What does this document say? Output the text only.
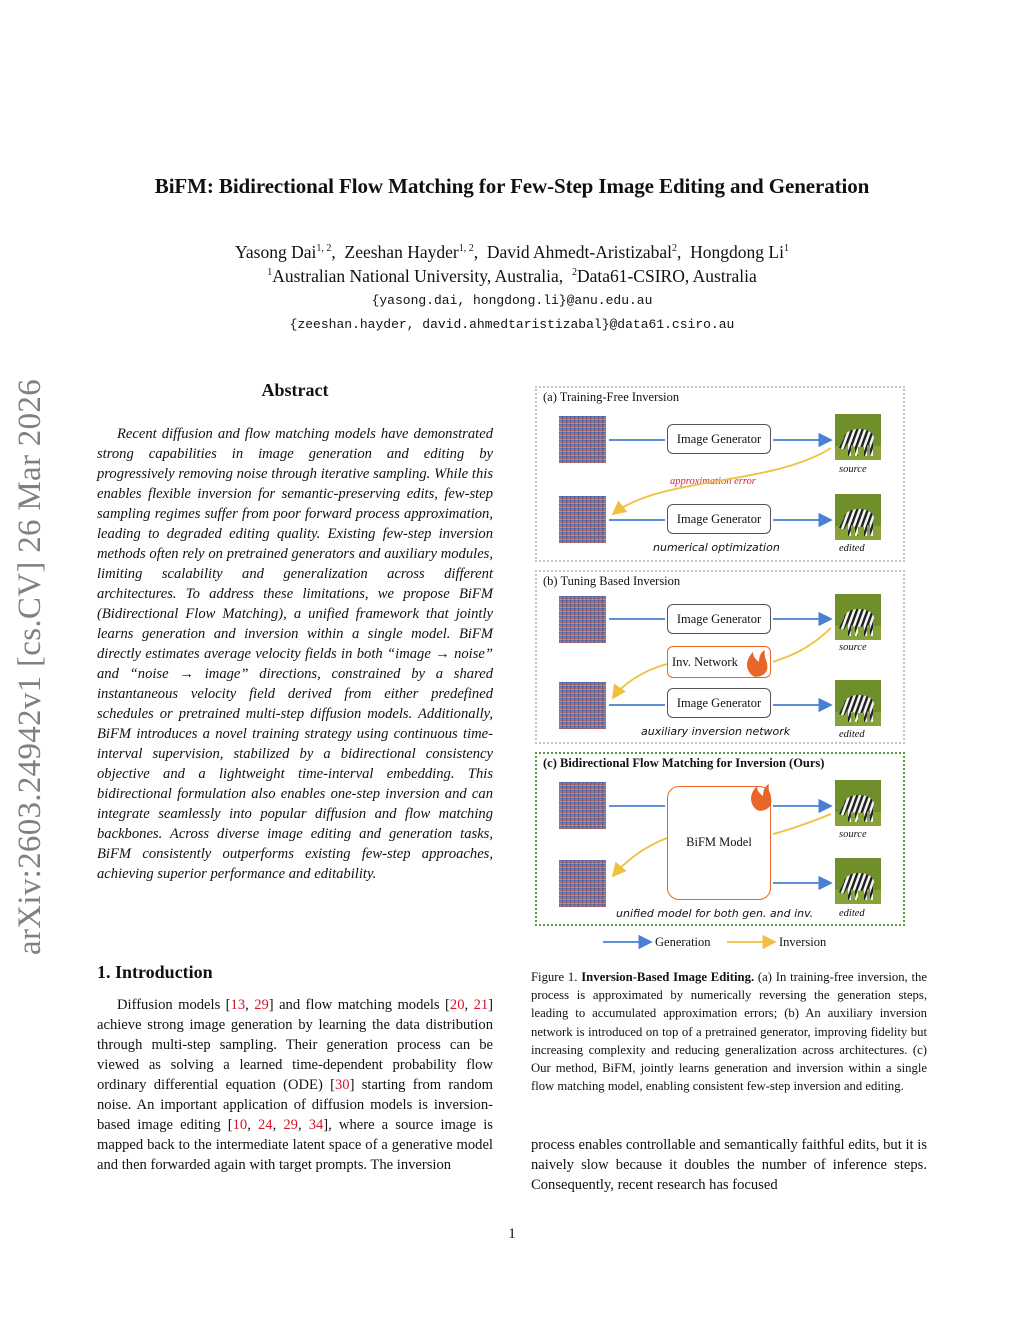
BiFM: Bidirectional Flow Matching for Few-Step Image Editing and Generation
Yasong Dai$^{1, 2}$,  Zeeshan Hayder$^{1, 2}$,  David Ahmedt-Aristizabal$^2$,  Hongdong Li$^1$
$^1$Australian National University, Australia, $^2$Data61-CSIRO, Australia
{yasong.dai, hongdong.li}@anu.edu.au
{zeeshan.hayder, david.ahmedtaristizabal}@data61.csiro.au
arXiv:2603.24942v1 [cs.CV] 26 Mar 2026	Abstract
Recent diffusion and flow matching models have demonstrated strong capabilities in image generation and editing by progressively removing noise through iterative sampling. While this enables flexible inversion for semantic-preserving edits, few-step sampling regimes suffer from poor forward process approximation, leading to degraded editing quality. Existing few-step inversion methods often rely on pretrained generators and auxiliary modules, limiting scalability and generalization across different architectures. To address these limitations, we propose BiFM (Bidirectional Flow Matching), a unified framework that jointly learns generation and inversion within a single model. BiFM directly estimates average velocity fields in both “image → noise” and “noise → image” directions, constrained by a shared instantaneous velocity field derived from either predefined schedules or pretrained multi-step diffusion models. Additionally, BiFM introduces a novel training strategy using continuous time-interval supervision, stabilized by a bidirectional consistency objective and a lightweight time-interval embedding. This bidirectional formulation also enables one-step inversion and can integrate seamlessly into popular diffusion and flow matching backbones. Across diverse image editing and generation tasks, BiFM consistently outperforms existing few-step approaches, achieving superior performance and editability.
1. Introduction
Diffusion models [13, 29] and flow matching models [20, 21] achieve strong image generation by learning the data distribution through multi-step sampling. Their generation process can be viewed as solving a learned time-dependent probability flow ordinary differential equation (ODE) [30] starting from random noise. An important application of diffusion models is inversion-based image editing [10, 24, 29, 34], where a source image is mapped back to the intermediate latent space of a generative model and then forwarded again with target prompts. The inversion
(a) Training-Free Inversion
Image Generator
Image Generator
approximation error
numerical optimization
source
edited
(b) Tuning Based Inversion
Image Generator
Inv. Network
Image Generator
auxiliary inversion network
source
edited
(c) Bidirectional Flow Matching for Inversion (Ours)
BiFM Model
unified model for both gen. and inv.
source
edited
Generation	Inversion
Figure 1. Inversion-Based Image Editing. (a) In training-free inversion, the process is approximated by numerically reversing the generation steps, leading to accumulated approximation errors; (b) An auxiliary inversion network is introduced on top of a pretrained generator, improving fidelity but increasing complexity and reducing generalization across architectures. (c) Our method, BiFM, jointly learns generation and inversion within a single flow matching model, enabling consistent few-step inversion and editing.
process enables controllable and semantically faithful edits, but it is naively slow because it doubles the number of inference steps. Consequently, recent research has focused
1
